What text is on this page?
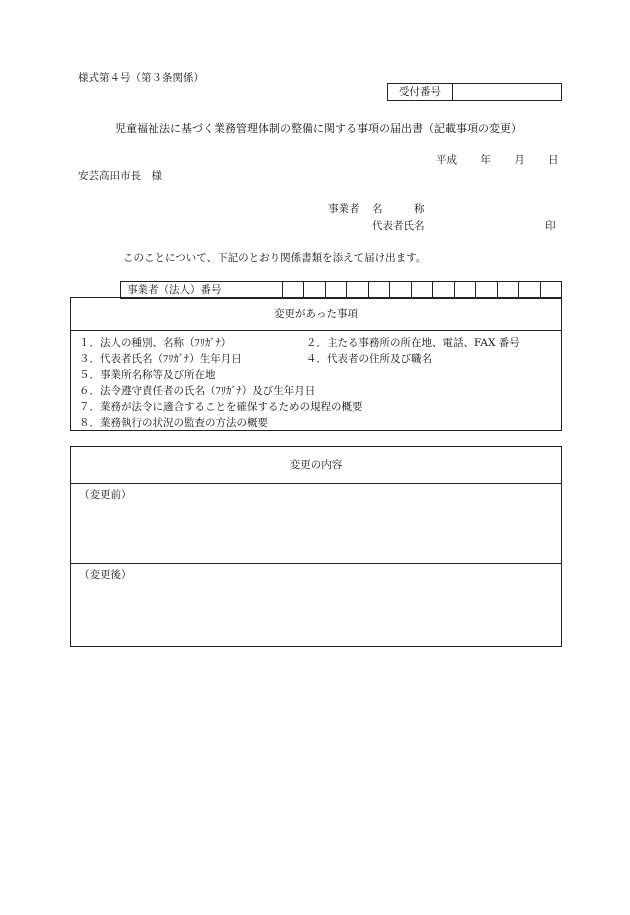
様式第４号（第３条関係）
受付番号
児童福祉法に基づく業務管理体制の整備に関する事項の届出書（記載事項の変更）
平成 年 月 日
安芸高田市長　様
事業者 名　　　称
代表者氏名	印
このことについて、下記のとおり関係書類を添えて届け出ます。
事業者（法人）番号
変更があった事項
１．法人の種別、名称（ﾌﾘｶﾞﾅ）	２．主たる事務所の所在地、電話、FAX 番号
３．代表者氏名（ﾌﾘｶﾞﾅ）生年月日	４．代表者の住所及び職名
５．事業所名称等及び所在地
６．法令遵守責任者の氏名（ﾌﾘｶﾞﾅ）及び生年月日
７．業務が法令に適合することを確保するための規程の概要
８．業務執行の状況の監査の方法の概要
変更の内容
（変更前）
（変更後）
